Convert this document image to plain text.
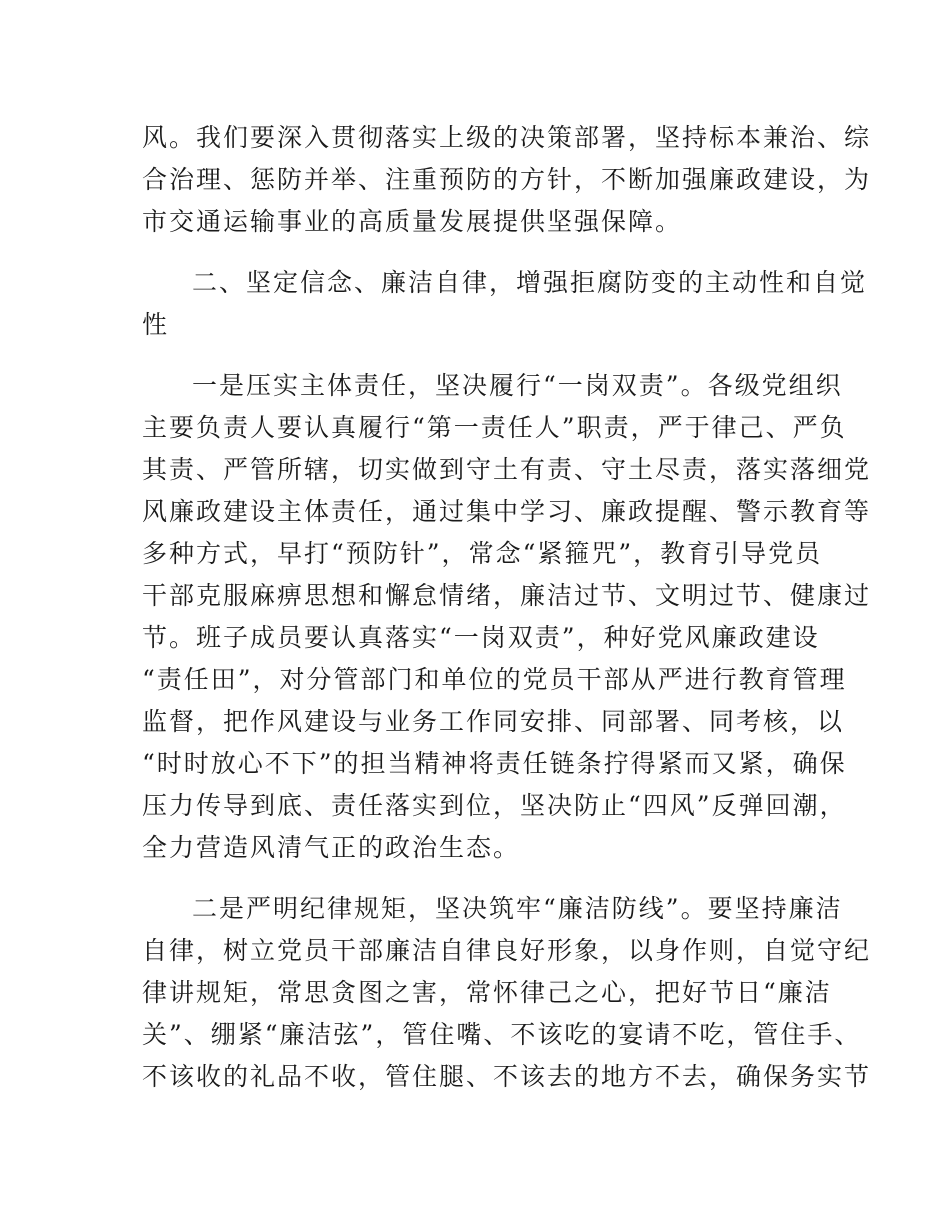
风。我们要深入贯彻落实上级的决策部署，坚持标本兼治、综
合治理、惩防并举、注重预防的方针，不断加强廉政建设，为
市交通运输事业的高质量发展提供坚强保障。
二、坚定信念、廉洁自律，增强拒腐防变的主动性和自觉
性
一是压实主体责任，坚决履行“一岗双责”。各级党组织
主要负责人要认真履行“第一责任人”职责，严于律己、严负
其责、严管所辖，切实做到守土有责、守土尽责，落实落细党
风廉政建设主体责任，通过集中学习、廉政提醒、警示教育等
多种方式，早打“预防针”，常念“紧箍咒”，教育引导党员
干部克服麻痹思想和懈怠情绪，廉洁过节、文明过节、健康过
节。班子成员要认真落实“一岗双责”，种好党风廉政建设
“责任田”，对分管部门和单位的党员干部从严进行教育管理
监督，把作风建设与业务工作同安排、同部署、同考核，以
“时时放心不下”的担当精神将责任链条拧得紧而又紧，确保
压力传导到底、责任落实到位，坚决防止“四风”反弹回潮，
全力营造风清气正的政治生态。
二是严明纪律规矩，坚决筑牢“廉洁防线”。要坚持廉洁
自律，树立党员干部廉洁自律良好形象，以身作则，自觉守纪
律讲规矩，常思贪图之害，常怀律己之心，把好节日“廉洁
关”、绷紧“廉洁弦”，管住嘴、不该吃的宴请不吃，管住手、
不该收的礼品不收，管住腿、不该去的地方不去，确保务实节
